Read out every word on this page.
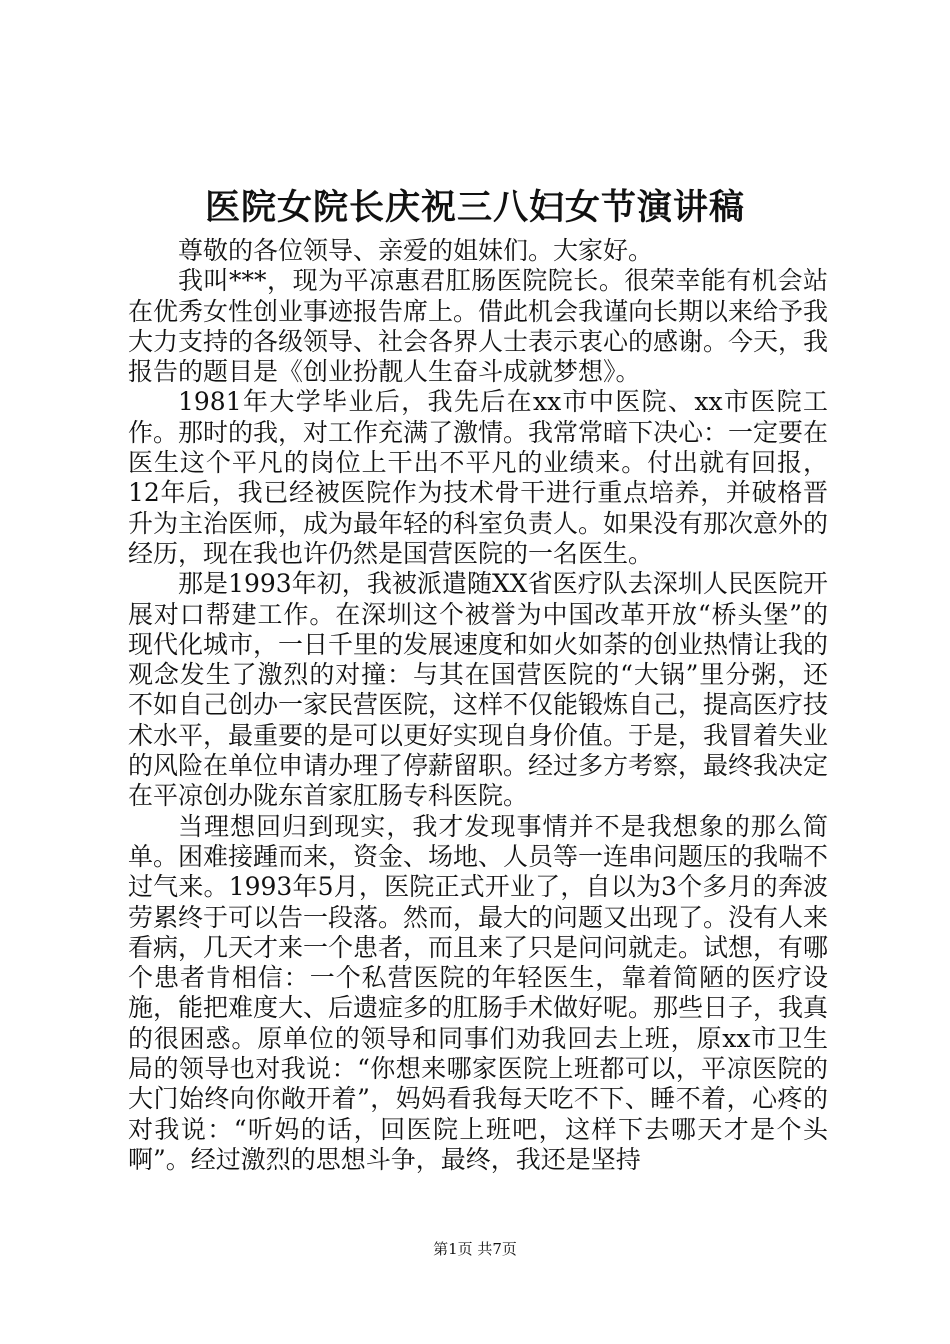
医院女院长庆祝三八妇女节演讲稿

尊敬的各位领导、亲爱的姐妹们。大家好。

我叫***，现为平凉惠君肛肠医院院长。很荣幸能有机会站在优秀女性创业事迹报告席上。借此机会我谨向长期以来给予我大力支持的各级领导、社会各界人士表示衷心的感谢。今天，我报告的题目是《创业扮靓人生奋斗成就梦想》。

1981年大学毕业后，我先后在xx市中医院、xx市医院工作。那时的我，对工作充满了激情。我常常暗下决心：一定要在医生这个平凡的岗位上干出不平凡的业绩来。付出就有回报，12年后，我已经被医院作为技术骨干进行重点培养，并破格晋升为主治医师，成为最年轻的科室负责人。如果没有那次意外的经历，现在我也许仍然是国营医院的一名医生。

那是1993年初，我被派遣随XX省医疗队去深圳人民医院开展对口帮建工作。在深圳这个被誉为中国改革开放“桥头堡”的现代化城市，一日千里的发展速度和如火如荼的创业热情让我的观念发生了激烈的对撞：与其在国营医院的“大锅”里分粥，还不如自己创办一家民营医院，这样不仅能锻炼自己，提高医疗技术水平，最重要的是可以更好实现自身价值。于是，我冒着失业的风险在单位申请办理了停薪留职。经过多方考察，最终我决定在平凉创办陇东首家肛肠专科医院。

当理想回归到现实，我才发现事情并不是我想象的那么简单。困难接踵而来，资金、场地、人员等一连串问题压的我喘不过气来。1993年5月，医院正式开业了，自以为3个多月的奔波劳累终于可以告一段落。然而，最大的问题又出现了。没有人来看病，几天才来一个患者，而且来了只是问问就走。试想，有哪个患者肯相信：一个私营医院的年轻医生，靠着简陋的医疗设施，能把难度大、后遗症多的肛肠手术做好呢。那些日子，我真的很困惑。原单位的领导和同事们劝我回去上班，原xx市卫生局的领导也对我说：“你想来哪家医院上班都可以，平凉医院的大门始终向你敞开着”，妈妈看我每天吃不下、睡不着，心疼的对我说：“听妈的话，回医院上班吧，这样下去哪天才是个头啊”。经过激烈的思想斗争，最终，我还是坚持

第1页 共7页
